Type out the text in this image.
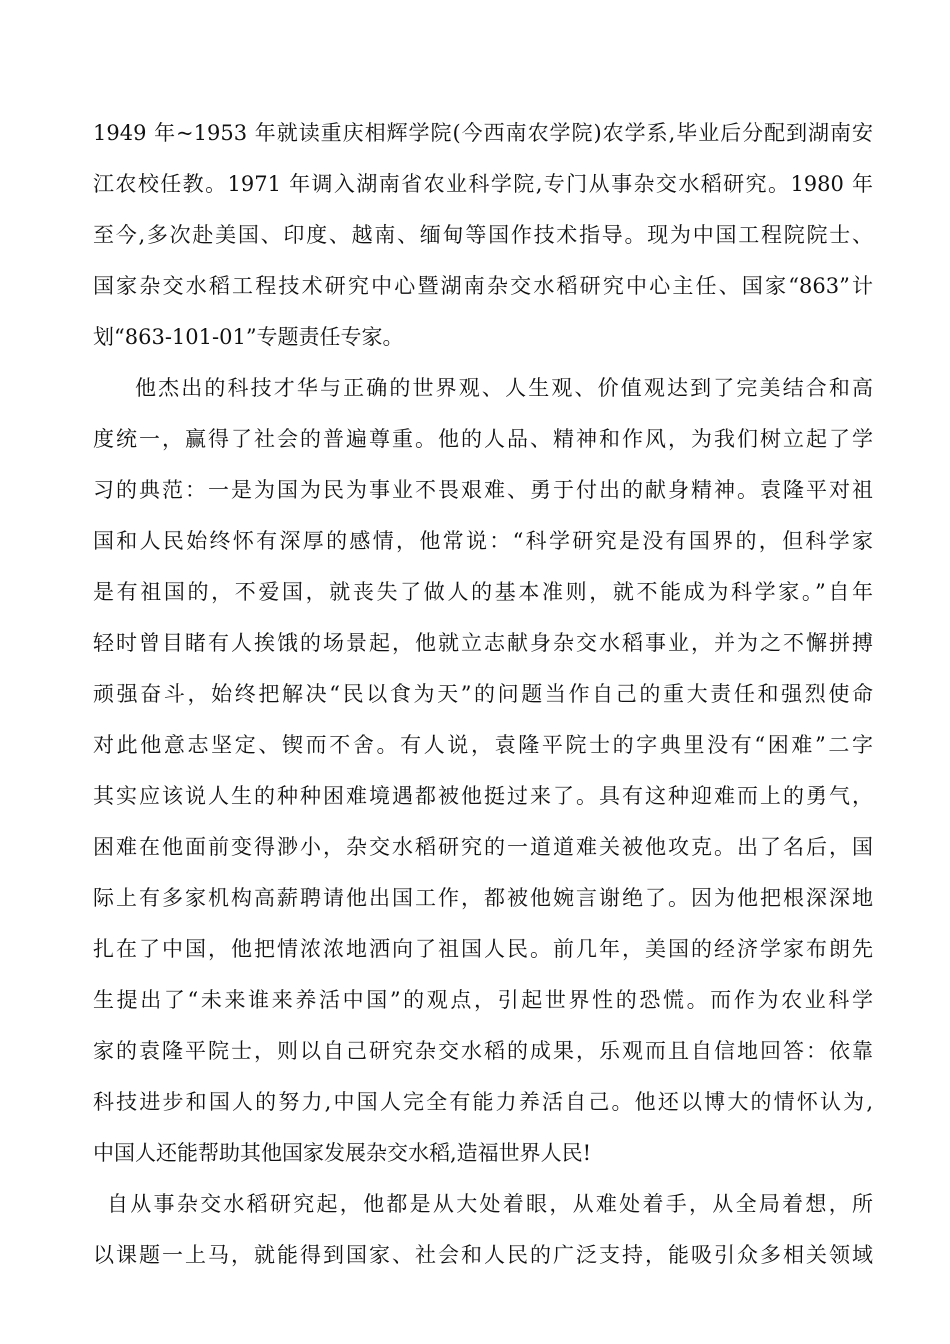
1949 年~1953 年就读重庆相辉学院(今西南农学院)农学系,毕业后分配到湖南安
江农校任教。1971 年调入湖南省农业科学院,专门从事杂交水稻研究。1980 年
至今,多次赴美国、印度、越南、缅甸等国作技术指导。现为中国工程院院士、
国家杂交水稻工程技术研究中心暨湖南杂交水稻研究中心主任、国家“863”计
划“863-101-01”专题责任专家。
他杰出的科技才华与正确的世界观、人生观、价值观达到了完美结合和高
度统一，赢得了社会的普遍尊重。他的人品、精神和作风，为我们树立起了学
习的典范：一是为国为民为事业不畏艰难、勇于付出的献身精神。袁隆平对祖
国和人民始终怀有深厚的感情，他常说：“科学研究是没有国界的，但科学家
是有祖国的，不爱国，就丧失了做人的基本准则，就不能成为科学家。”自年
轻时曾目睹有人挨饿的场景起，他就立志献身杂交水稻事业，并为之不懈拼搏
顽强奋斗，始终把解决“民以食为天”的问题当作自己的重大责任和强烈使命
对此他意志坚定、锲而不舍。有人说，袁隆平院士的字典里没有“困难”二字
其实应该说人生的种种困难境遇都被他挺过来了。具有这种迎难而上的勇气，
困难在他面前变得渺小，杂交水稻研究的一道道难关被他攻克。出了名后，国
际上有多家机构高薪聘请他出国工作，都被他婉言谢绝了。因为他把根深深地
扎在了中国，他把情浓浓地洒向了祖国人民。前几年，美国的经济学家布朗先
生提出了“未来谁来养活中国”的观点，引起世界性的恐慌。而作为农业科学
家的袁隆平院士，则以自己研究杂交水稻的成果，乐观而且自信地回答：依靠
科技进步和国人的努力,中国人完全有能力养活自己。他还以博大的情怀认为,
中国人还能帮助其他国家发展杂交水稻,造福世界人民!
自从事杂交水稻研究起，他都是从大处着眼，从难处着手，从全局着想，所
以课题一上马，就能得到国家、社会和人民的广泛支持，能吸引众多相关领域
